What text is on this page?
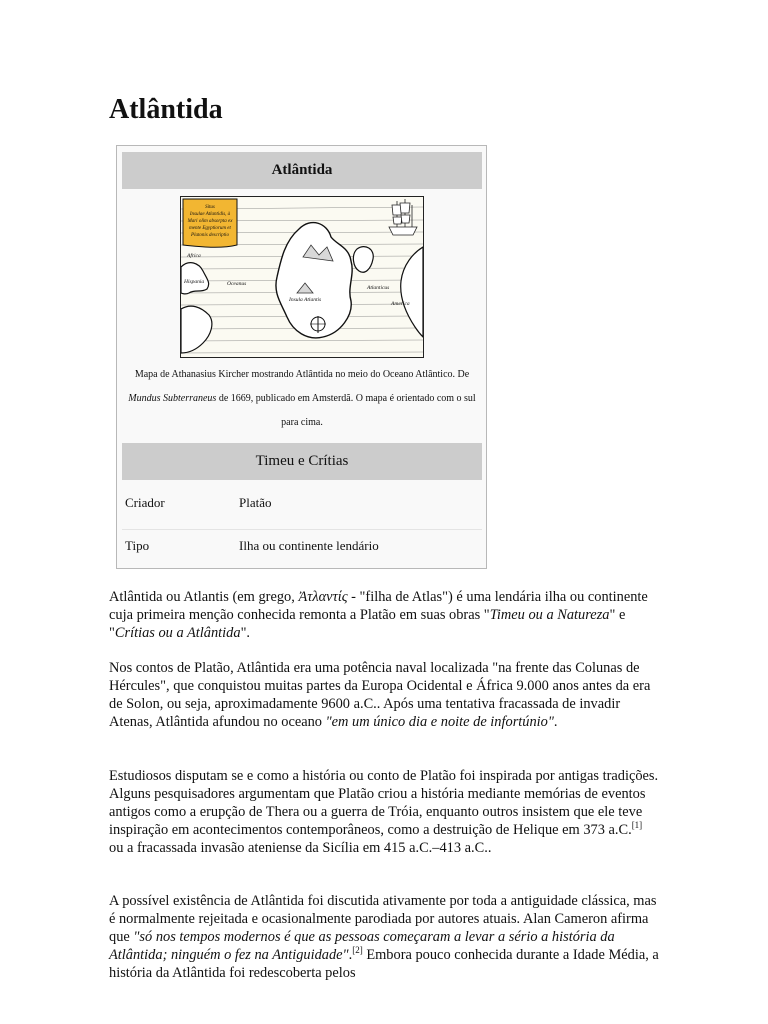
Atlântida
Atlântida
Situs
Insulae Atlantidis, à
Mari olim absorpta ex
mente Egyptiorum et
Platonis descriptio
Africa
Hispania	Oceanus
Insula Atlantis
America
Atlanticus
Mapa de Athanasius Kircher mostrando Atlântida no meio do Oceano Atlântico. De Mundus Subterraneus de 1669, publicado em Amsterdã. O mapa é orientado com o sul para cima.
Timeu e Crítias
Criador	Platão
Tipo	Ilha ou continente lendário

Atlântida ou Atlantis (em grego, Ἀτλαντίς - "filha de Atlas") é uma lendária ilha ou continente cuja primeira menção conhecida remonta a Platão em suas obras "Timeu ou a Natureza" e "Crítias ou a Atlântida".

Nos contos de Platão, Atlântida era uma potência naval localizada "na frente das Colunas de Hércules", que conquistou muitas partes da Europa Ocidental e África 9.000 anos antes da era de Solon, ou seja, aproximadamente 9600 a.C.. Após uma tentativa fracassada de invadir Atenas, Atlântida afundou no oceano "em um único dia e noite de infortúnio".

Estudiosos disputam se e como a história ou conto de Platão foi inspirada por antigas tradições. Alguns pesquisadores argumentam que Platão criou a história mediante memórias de eventos antigos como a erupção de Thera ou a guerra de Tróia, enquanto outros insistem que ele teve inspiração em acontecimentos contemporâneos, como a destruição de Helique em 373 a.C.[1] ou a fracassada invasão ateniense da Sicília em 415 a.C.–413 a.C..

A possível existência de Atlântida foi discutida ativamente por toda a antiguidade clássica, mas é normalmente rejeitada e ocasionalmente parodiada por autores atuais. Alan Cameron afirma que "só nos tempos modernos é que as pessoas começaram a levar a sério a história da Atlântida; ninguém o fez na Antiguidade".[2] Embora pouco conhecida durante a Idade Média, a história da Atlântida foi redescoberta pelos
